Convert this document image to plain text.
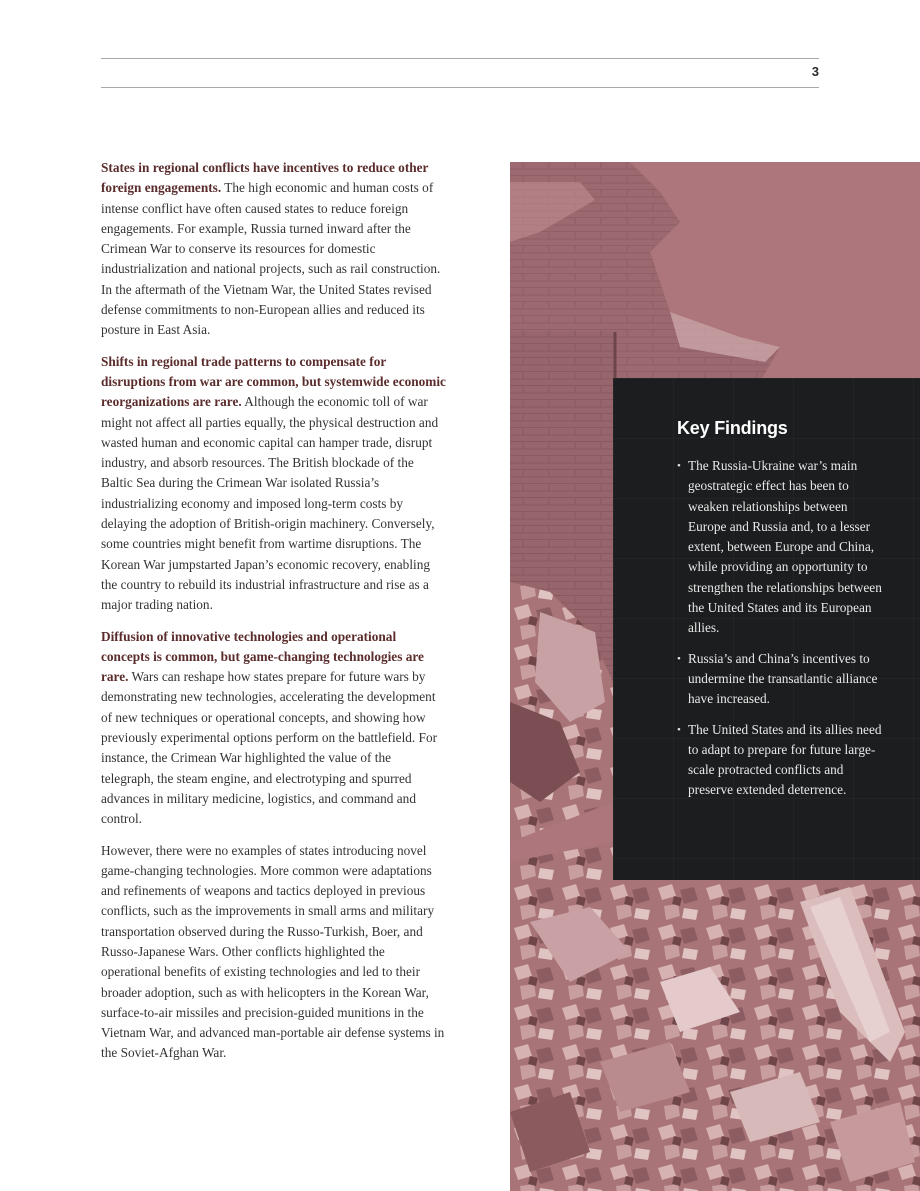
3

States in regional conflicts have incentives to reduce other foreign engagements. The high economic and human costs of intense conflict have often caused states to reduce foreign engagements. For example, Russia turned inward after the Crimean War to conserve its resources for domestic industrialization and national projects, such as rail construction. In the aftermath of the Vietnam War, the United States revised defense commitments to non-European allies and reduced its posture in East Asia.

Shifts in regional trade patterns to compensate for disruptions from war are common, but systemwide economic reorganizations are rare. Although the economic toll of war might not affect all parties equally, the physical destruction and wasted human and economic capital can hamper trade, disrupt industry, and absorb resources. The British blockade of the Baltic Sea during the Crimean War isolated Russia’s industrializing economy and imposed long-term costs by delaying the adoption of British-origin machinery. Conversely, some countries might benefit from wartime disruptions. The Korean War jumpstarted Japan’s economic recovery, enabling the country to rebuild its industrial infrastructure and rise as a major trading nation.

Diffusion of innovative technologies and operational concepts is common, but game-changing technologies are rare. Wars can reshape how states prepare for future wars by demonstrating new technologies, accelerating the development of new techniques or operational concepts, and showing how previously experimental options perform on the battlefield. For instance, the Crimean War highlighted the value of the telegraph, the steam engine, and electrotyping and spurred advances in military medicine, logistics, and command and control.

However, there were no examples of states introducing novel game-changing technologies. More common were adaptations and refinements of weapons and tactics deployed in previous conflicts, such as the improvements in small arms and military transportation observed during the Russo-Turkish, Boer, and Russo-Japanese Wars. Other conflicts highlighted the operational benefits of existing technologies and led to their broader adoption, such as with helicopters in the Korean War, surface-to-air missiles and precision-guided munitions in the Vietnam War, and advanced man-portable air defense systems in the Soviet-Afghan War.

Key Findings
• The Russia-Ukraine war’s main geostrategic effect has been to weaken relationships between Europe and Russia and, to a lesser extent, between Europe and China, while providing an opportunity to strengthen the relationships between the United States and its European allies.
• Russia’s and China’s incentives to undermine the transatlantic alliance have increased.
• The United States and its allies need to adapt to prepare for future large-scale protracted conflicts and preserve extended deterrence.
